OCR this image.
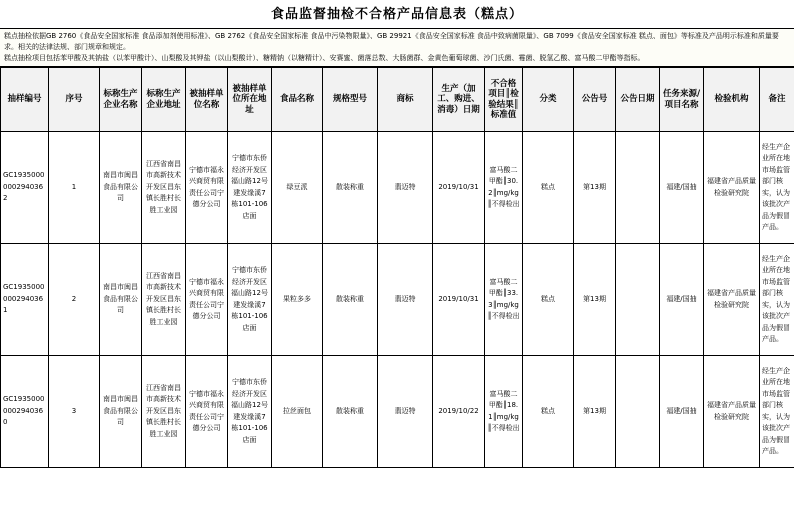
食品监督抽检不合格产品信息表（糕点）

糕点抽检依据GB 2760《食品安全国家标准 食品添加剂使用标准》、GB 2762《食品安全国家标准 食品中污染物限量》、GB 29921《食品安全国家标准 食品中致病菌限量》、GB 7099《食品安全国家标准 糕点、面包》等标准及产品明示标准和质量要求。相关的法律法规、部门规章和规定。

糕点抽检项目包括苯甲酸及其钠盐（以苯甲酸计）、山梨酸及其钾盐（以山梨酸计）、糖精钠（以糖精计）、安赛蜜、菌落总数、大肠菌群、金黄色葡萄球菌、沙门氏菌、霉菌、脱氢乙酸、富马酸二甲酯等指标。

抽样编号	序号	标称生产企业名称	标称生产企业地址	被抽样单位名称	被抽样单位所在地址	食品名称	规格型号	商标	生产（加工、购进、消毒）日期	不合格项目║检验结果║标准值	分类	公告号	公告日期	任务来源/项目名称	检验机构	备注
GC19350000002940362	1	南昌市闽昌食品有限公司	江西省南昌市高新技术开发区昌东镇长胜村长胜工业园	宁德市福永兴商贸有限责任公司宁德分公司	宁德市东侨经济开发区福山路12号建发缘溪7栋101-106店面	绿豆派	散装称重	翡迈特	2019/10/31	富马酸二甲酯║30.2║mg/kg║不得检出	糕点	第13期		福建/国抽	福建省产品质量检验研究院	经生产企业所在地市场监管部门核实，认为该批次产品为假冒产品。
GC19350000002940361	2	南昌市闽昌食品有限公司	江西省南昌市高新技术开发区昌东镇长胜村长胜工业园	宁德市福永兴商贸有限责任公司宁德分公司	宁德市东侨经济开发区福山路12号建发缘溪7栋101-106店面	果粒多多	散装称重	翡迈特	2019/10/31	富马酸二甲酯║33.3║mg/kg║不得检出	糕点	第13期		福建/国抽	福建省产品质量检验研究院	经生产企业所在地市场监管部门核实，认为该批次产品为假冒产品。
GC19350000002940360	3	南昌市闽昌食品有限公司	江西省南昌市高新技术开发区昌东镇长胜村长胜工业园	宁德市福永兴商贸有限责任公司宁德分公司	宁德市东侨经济开发区福山路12号建发缘溪7栋101-106店面	拉丝面包	散装称重	翡迈特	2019/10/22	富马酸二甲酯║18.1║mg/kg║不得检出	糕点	第13期		福建/国抽	福建省产品质量检验研究院	经生产企业所在地市场监管部门核实，认为该批次产品为假冒产品。
